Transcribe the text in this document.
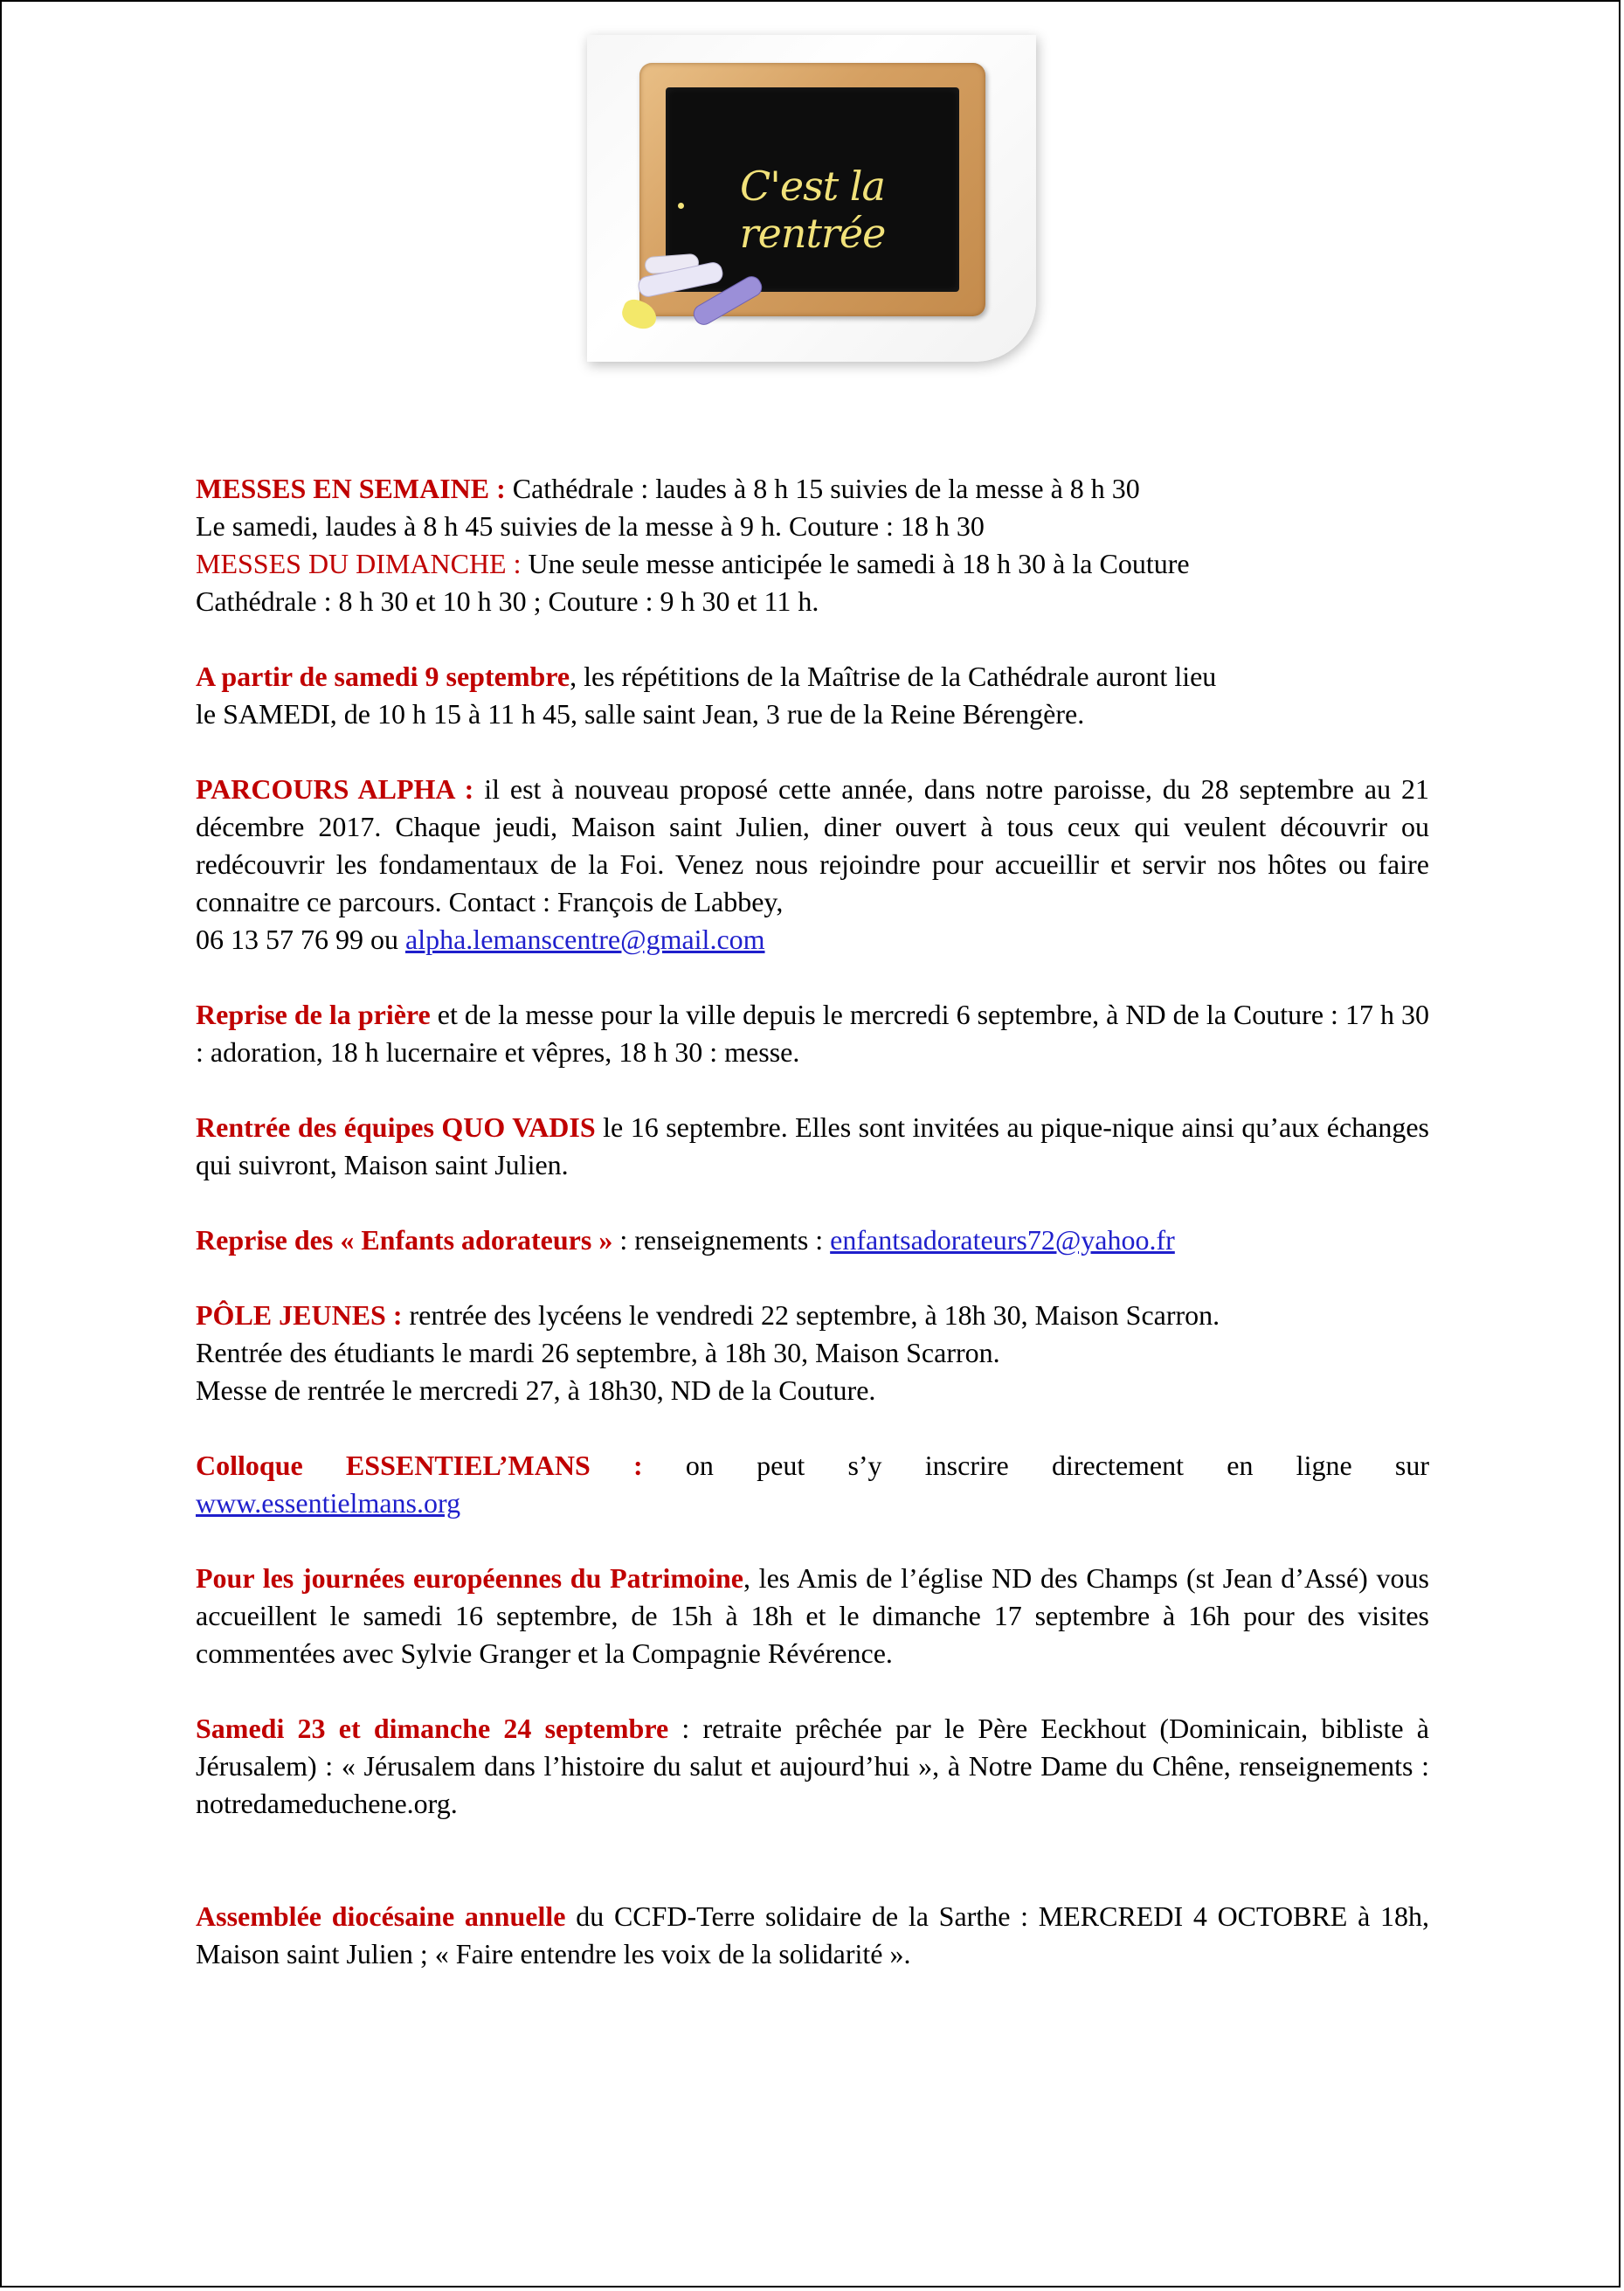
C'est la rentrée

MESSES EN SEMAINE : Cathédrale : laudes à 8 h 15 suivies de la messe à 8 h 30
Le samedi, laudes à 8 h 45 suivies de la messe à 9 h. Couture : 18 h 30
MESSES DU DIMANCHE : Une seule messe anticipée le samedi à 18 h 30 à la Couture
Cathédrale : 8 h 30 et 10 h 30 ; Couture : 9 h 30 et 11 h.

A partir de samedi 9 septembre, les répétitions de la Maîtrise de la Cathédrale auront lieu
le SAMEDI, de 10 h 15 à 11 h 45, salle saint Jean, 3 rue de la Reine Bérengère.

PARCOURS ALPHA : il est à nouveau proposé cette année, dans notre paroisse, du 28 septembre au 21 décembre 2017. Chaque jeudi, Maison saint Julien, diner ouvert à tous ceux qui veulent découvrir ou redécouvrir les fondamentaux de la Foi. Venez nous rejoindre pour accueillir et servir nos hôtes ou faire connaitre ce parcours. Contact : François de Labbey,
06 13 57 76 99 ou alpha.lemanscentre@gmail.com

Reprise de la prière et de la messe pour la ville depuis le mercredi 6 septembre, à ND de la Couture : 17 h 30 : adoration, 18 h lucernaire et vêpres, 18 h 30 : messe.

Rentrée des équipes QUO VADIS le 16 septembre. Elles sont invitées au pique-nique ainsi qu’aux échanges qui suivront, Maison saint Julien.

Reprise des « Enfants adorateurs » : renseignements : enfantsadorateurs72@yahoo.fr

PÔLE JEUNES : rentrée des lycéens le vendredi 22 septembre, à 18h 30, Maison Scarron.
Rentrée des étudiants le mardi 26 septembre, à 18h 30, Maison Scarron.
Messe de rentrée le mercredi 27, à 18h30, ND de la Couture.

Colloque ESSENTIEL’MANS : on peut s’y inscrire directement en ligne sur
www.essentielmans.org

Pour les journées européennes du Patrimoine, les Amis de l’église ND des Champs (st Jean d’Assé) vous accueillent le samedi 16 septembre, de 15h à 18h et le dimanche 17 septembre à 16h pour des visites commentées avec Sylvie Granger et la Compagnie Révérence.

Samedi 23 et dimanche 24 septembre : retraite prêchée par le Père Eeckhout (Dominicain, bibliste à Jérusalem) : « Jérusalem dans l’histoire du salut et aujourd’hui », à Notre Dame du Chêne, renseignements : notredameduchene.org.

Assemblée diocésaine annuelle du CCFD-Terre solidaire de la Sarthe : MERCREDI 4 OCTOBRE à 18h, Maison saint Julien ; « Faire entendre les voix de la solidarité ».
